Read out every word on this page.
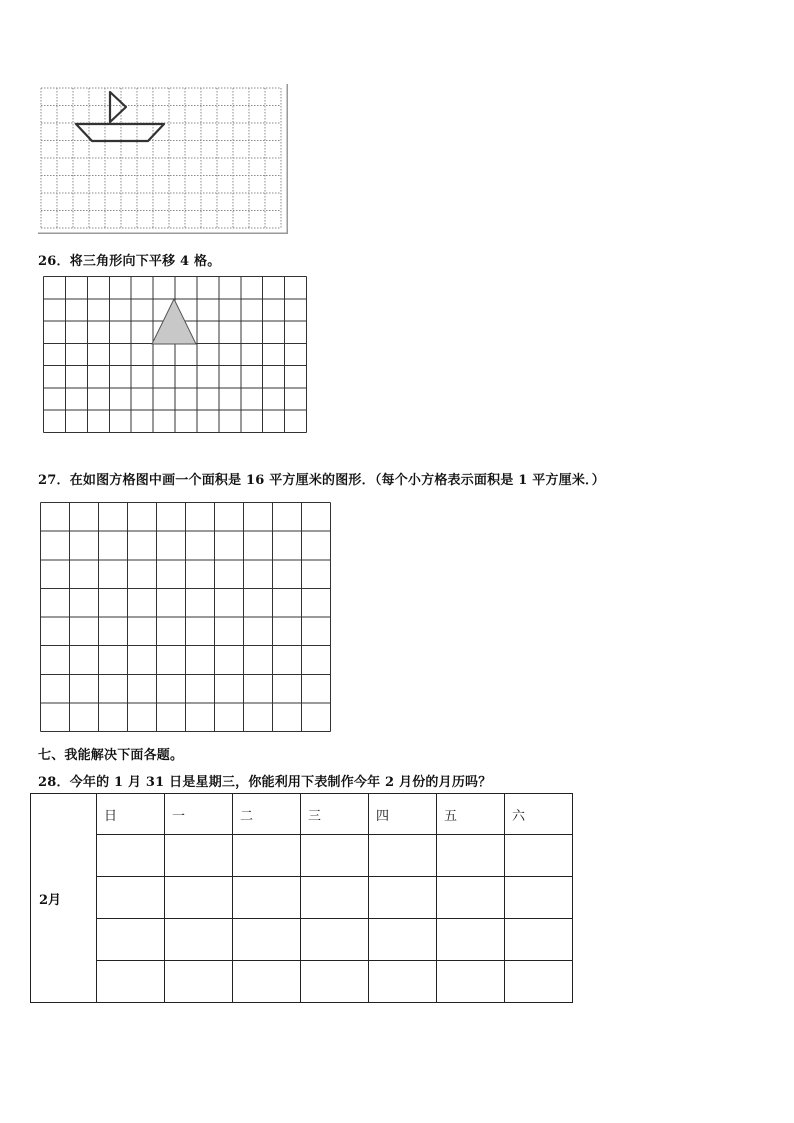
26．将三角形向下平移 4 格。
27．在如图方格图中画一个面积是 16 平方厘米的图形．（每个小方格表示面积是 1 平方厘米．）
七、我能解决下面各题。
28．今年的 1 月 31 日是星期三，你能利用下表制作今年 2 月份的月历吗？
2月	日	一	二	三	四	五	六
